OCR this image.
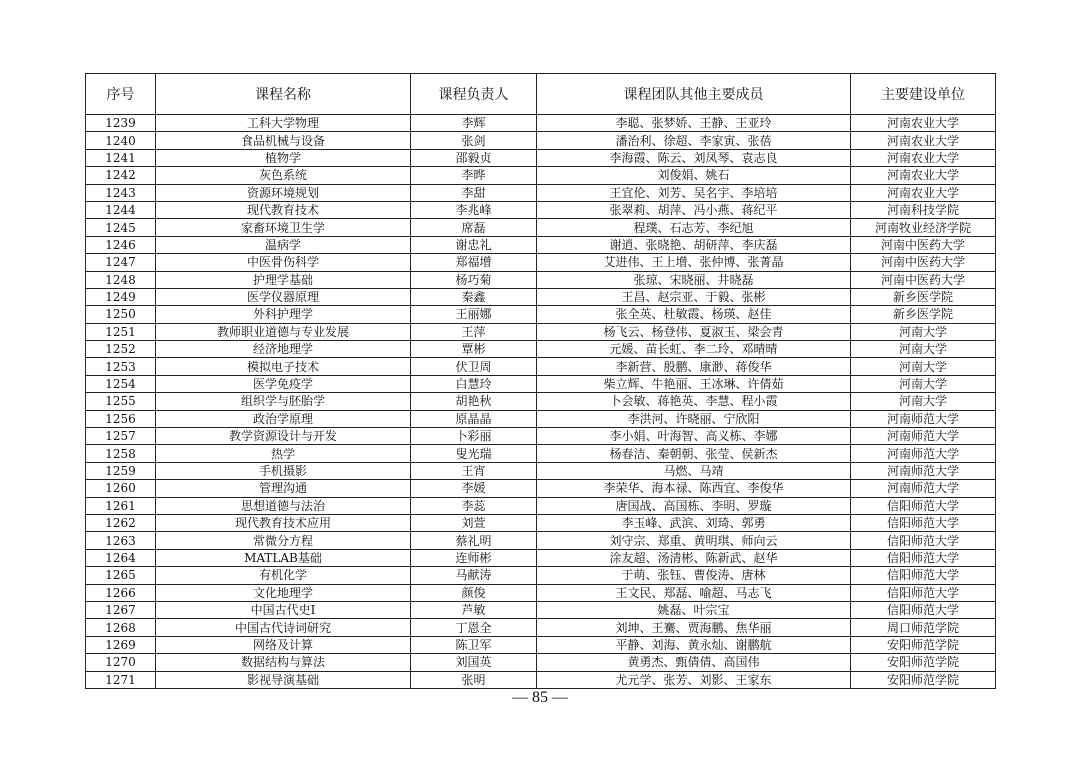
序号	课程名称	课程负责人	课程团队其他主要成员	主要建设单位
1239	工科大学物理	李辉	李聪、张梦娇、王静、王亚玲	河南农业大学
1240	食品机械与设备	张剑	潘治利、徐超、李家寅、张蓓	河南农业大学
1241	植物学	邵毅贞	李海霞、陈云、刘凤琴、袁志良	河南农业大学
1242	灰色系统	李晔	刘俊娟、姚石	河南农业大学
1243	资源环境规划	李甜	王宜伦、刘芳、吴名宇、李培培	河南农业大学
1244	现代教育技术	李兆峰	张翠莉、胡萍、冯小燕、蒋纪平	河南科技学院
1245	家畜环境卫生学	席磊	程璞、石志芳、李纪旭	河南牧业经济学院
1246	温病学	谢忠礼	谢逍、张晓艳、胡研萍、李庆磊	河南中医药大学
1247	中医骨伤科学	郑福增	艾进伟、王上增、张仲博、张菁晶	河南中医药大学
1248	护理学基础	杨巧菊	张琼、宋晓丽、井晓磊	河南中医药大学
1249	医学仪器原理	秦鑫	王昌、赵宗亚、于毅、张彬	新乡医学院
1250	外科护理学	王丽娜	张全英、杜敏霞、杨瑛、赵佳	新乡医学院
1251	教师职业道德与专业发展	王萍	杨飞云、杨登伟、夏淑玉、梁会青	河南大学
1252	经济地理学	覃彬	元媛、苗长虹、李二玲、邓晴晴	河南大学
1253	模拟电子技术	伏卫周	李新营、殷鹏、康渺、蒋俊华	河南大学
1254	医学免疫学	白慧玲	柴立辉、牛艳丽、王冰琳、许倩茹	河南大学
1255	组织学与胚胎学	胡艳秋	卜会敏、蒋艳英、李慧、程小霞	河南大学
1256	政治学原理	原晶晶	李洪河、许晓丽、宁欣阳	河南师范大学
1257	教学资源设计与开发	卜彩丽	李小娟、叶海智、高义栋、李娜	河南师范大学
1258	热学	叟光瑞	杨春洁、秦朝朝、张莹、侯新杰	河南师范大学
1259	手机摄影	王宵	马燃、马靖	河南师范大学
1260	管理沟通	李媛	李荣华、海本禄、陈西宜、李俊华	河南师范大学
1261	思想道德与法治	李蕊	唐国战、高国栋、李明、罗璇	信阳师范大学
1262	现代教育技术应用	刘萱	李玉峰、武滨、刘琦、郭勇	信阳师范大学
1263	常微分方程	蔡礼明	刘守宗、郑重、黄明琪、师向云	信阳师范大学
1264	MATLAB基础	连师彬	涂友超、汤清彬、陈新武、赵华	信阳师范大学
1265	有机化学	马献涛	于萌、张钰、曹俊涛、唐林	信阳师范大学
1266	文化地理学	颜俊	王文民、郑磊、喻超、马志飞	信阳师范大学
1267	中国古代史I	芦敏	姚磊、叶宗宝	信阳师范大学
1268	中国古代诗词研究	丁恩全	刘坤、王騫、贾海鹏、焦华丽	周口师范学院
1269	网络及计算	陈卫军	平静、刘海、黄永灿、谢鹏航	安阳师范学院
1270	数据结构与算法	刘国英	黄勇杰、甄倩倩、高国伟	安阳师范学院
1271	影视导演基础	张明	尤元学、张芳、刘影、王家东	安阳师范学院
— 85 —
